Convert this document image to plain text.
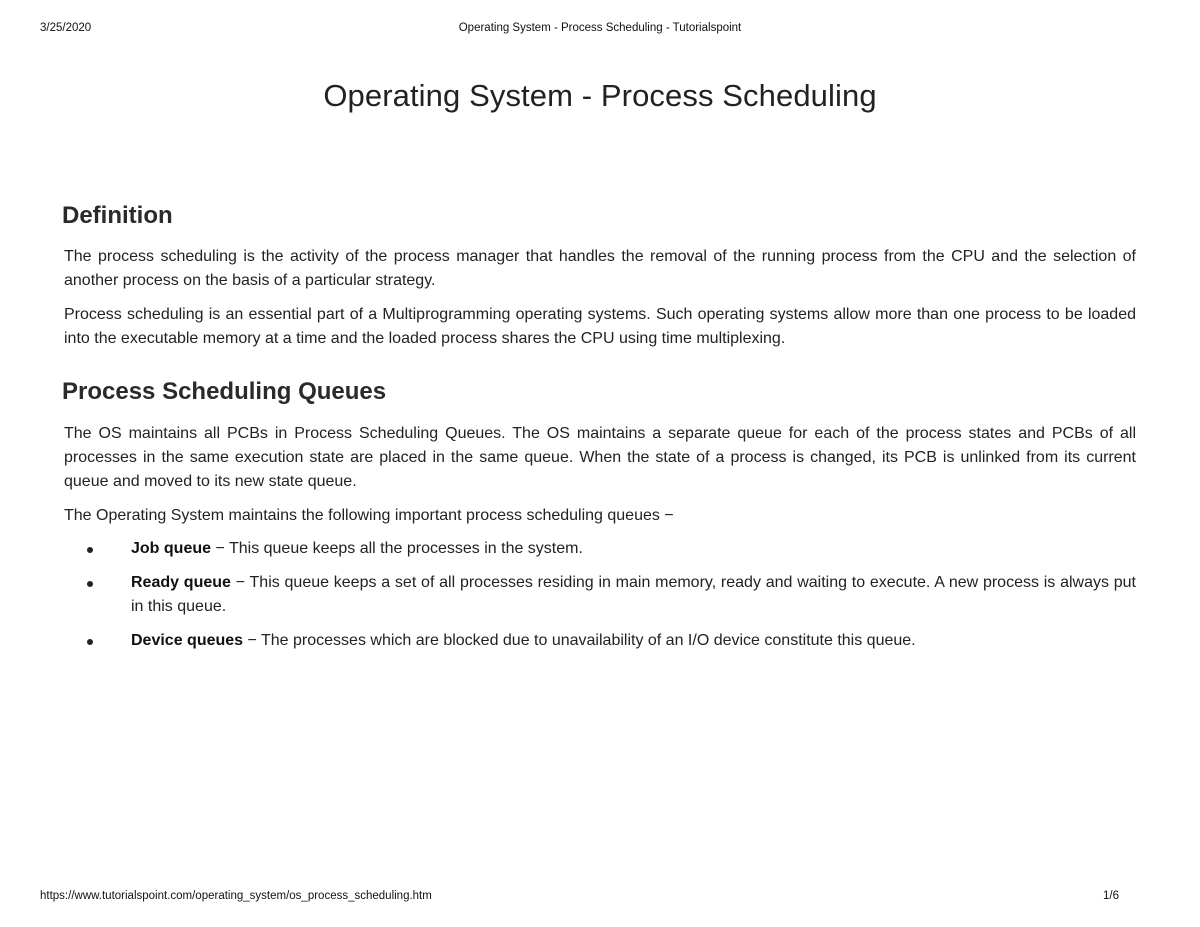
3/25/2020	Operating System - Process Scheduling - Tutorialspoint
Operating System - Process Scheduling
Definition

The process scheduling is the activity of the process manager that handles the removal of the running process from the CPU and the selection of another process on the basis of a particular strategy.

Process scheduling is an essential part of a Multiprogramming operating systems. Such operating systems allow more than one process to be loaded into the executable memory at a time and the loaded process shares the CPU using time multiplexing.

Process Scheduling Queues

The OS maintains all PCBs in Process Scheduling Queues. The OS maintains a separate queue for each of the process states and PCBs of all processes in the same execution state are placed in the same queue. When the state of a process is changed, its PCB is unlinked from its current queue and moved to its new state queue.

The Operating System maintains the following important process scheduling queues −

Job queue − This queue keeps all the processes in the system.
Ready queue − This queue keeps a set of all processes residing in main memory, ready and waiting to execute. A new process is always put in this queue.
Device queues − The processes which are blocked due to unavailability of an I/O device constitute this queue.
https://www.tutorialspoint.com/operating_system/os_process_scheduling.htm	1/6
